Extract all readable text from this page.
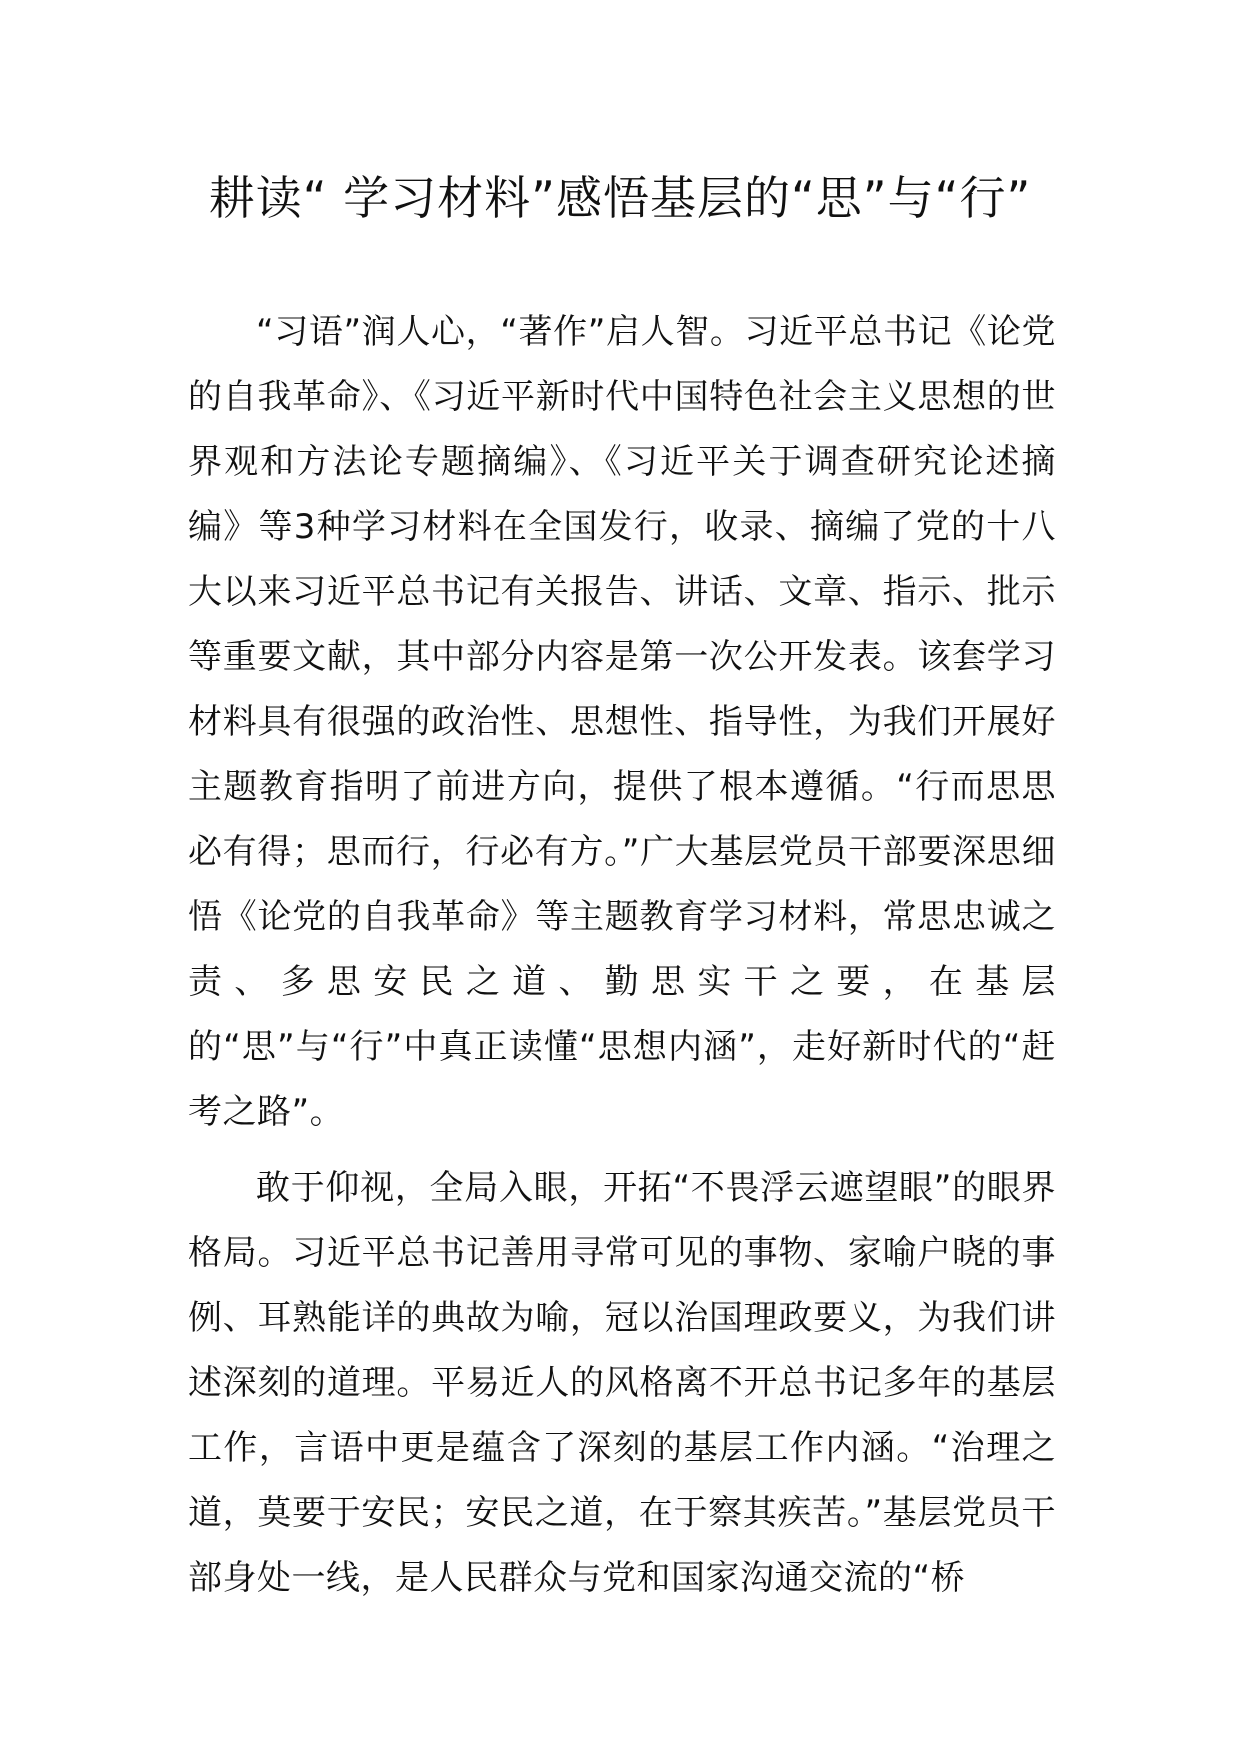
耕读“ 学习材料”感悟基层的“思”与“行”

“习语”润人心，“著作”启人智。习近平总书记《论党的自我革命》、《习近平新时代中国特色社会主义思想的世界观和方法论专题摘编》、《习近平关于调查研究论述摘编》等3种学习材料在全国发行，收录、摘编了党的十八大以来习近平总书记有关报告、讲话、文章、指示、批示等重要文献，其中部分内容是第一次公开发表。该套学习材料具有很强的政治性、思想性、指导性，为我们开展好主题教育指明了前进方向，提供了根本遵循。“行而思思必有得；思而行，行必有方。”广大基层党员干部要深思细悟《论党的自我革命》等主题教育学习材料，常思忠诚之责、多思安民之道、勤思实干之要，在基层的“思”与“行”中真正读懂“思想内涵”，走好新时代的“赶考之路”。

敢于仰视，全局入眼，开拓“不畏浮云遮望眼”的眼界格局。习近平总书记善用寻常可见的事物、家喻户晓的事例、耳熟能详的典故为喻，冠以治国理政要义，为我们讲述深刻的道理。平易近人的风格离不开总书记多年的基层工作，言语中更是蕴含了深刻的基层工作内涵。“治理之道，莫要于安民；安民之道，在于察其疾苦。”基层党员干部身处一线，是人民群众与党和国家沟通交流的“桥
